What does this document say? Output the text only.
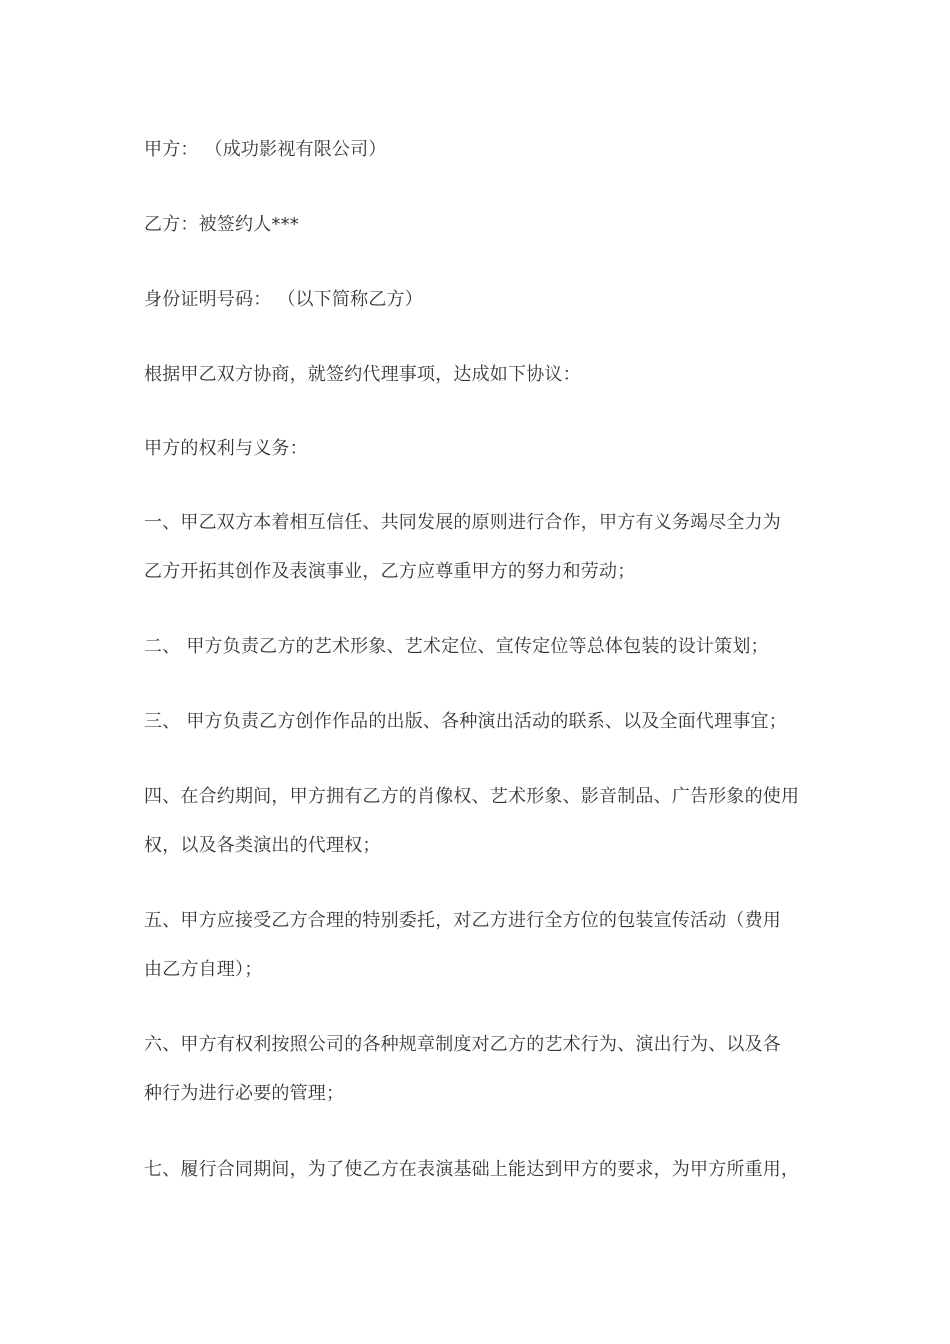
甲方： （成功影视有限公司）
乙方：被签约人***
身份证明号码： （以下简称乙方）
根据甲乙双方协商，就签约代理事项，达成如下协议：
甲方的权利与义务：
一、甲乙双方本着相互信任、共同发展的原则进行合作，甲方有义务竭尽全力为
乙方开拓其创作及表演事业，乙方应尊重甲方的努力和劳动；
二、 甲方负责乙方的艺术形象、艺术定位、宣传定位等总体包装的设计策划；
三、 甲方负责乙方创作作品的出版、各种演出活动的联系、以及全面代理事宜；
四、在合约期间，甲方拥有乙方的肖像权、艺术形象、影音制品、广告形象的使用
权，以及各类演出的代理权；
五、甲方应接受乙方合理的特别委托，对乙方进行全方位的包装宣传活动（费用
由乙方自理）；
六、甲方有权利按照公司的各种规章制度对乙方的艺术行为、演出行为、以及各
种行为进行必要的管理；
七、履行合同期间，为了使乙方在表演基础上能达到甲方的要求，为甲方所重用，
